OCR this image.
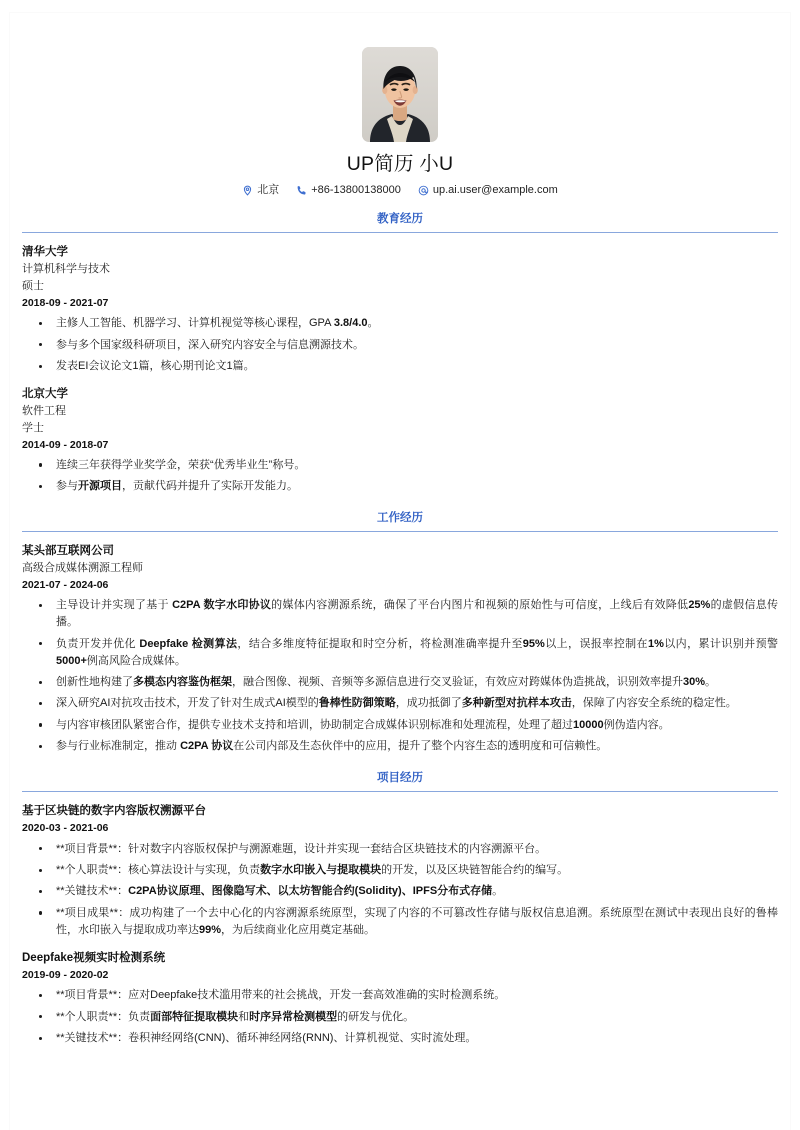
UP简历 小U
北京	+86-13800138000	up.ai.user@example.com
教育经历
清华大学
计算机科学与技术
硕士
2018-09 - 2021-07
主修人工智能、机器学习、计算机视觉等核心课程，GPA 3.8/4.0。
参与多个国家级科研项目，深入研究内容安全与信息溯源技术。
发表EI会议论文1篇，核心期刊论文1篇。
北京大学
软件工程
学士
2014-09 - 2018-07
连续三年获得学业奖学金，荣获“优秀毕业生”称号。
参与开源项目，贡献代码并提升了实际开发能力。
工作经历
某头部互联网公司
高级合成媒体溯源工程师
2021-07 - 2024-06
主导设计并实现了基于 C2PA 数字水印协议的媒体内容溯源系统，确保了平台内图片和视频的原始性与可信度，上线后有效降低25%的虚假信息传播。
负责开发并优化 Deepfake 检测算法，结合多维度特征提取和时空分析，将检测准确率提升至95%以上，误报率控制在1%以内，累计识别并预警5000+例高风险合成媒体。
创新性地构建了多模态内容鉴伪框架，融合图像、视频、音频等多源信息进行交叉验证，有效应对跨媒体伪造挑战，识别效率提升30%。
深入研究AI对抗攻击技术，开发了针对生成式AI模型的鲁棒性防御策略，成功抵御了多种新型对抗样本攻击，保障了内容安全系统的稳定性。
与内容审核团队紧密合作，提供专业技术支持和培训，协助制定合成媒体识别标准和处理流程，处理了超过10000例伪造内容。
参与行业标准制定，推动 C2PA 协议在公司内部及生态伙伴中的应用，提升了整个内容生态的透明度和可信赖性。
项目经历
基于区块链的数字内容版权溯源平台
2020-03 - 2021-06
**项目背景**：针对数字内容版权保护与溯源难题，设计并实现一套结合区块链技术的内容溯源平台。
**个人职责**：核心算法设计与实现，负责数字水印嵌入与提取模块的开发，以及区块链智能合约的编写。
**关键技术**：C2PA协议原理、图像隐写术、以太坊智能合约(Solidity)、IPFS分布式存储。
**项目成果**：成功构建了一个去中心化的内容溯源系统原型，实现了内容的不可篡改性存储与版权信息追溯。系统原型在测试中表现出良好的鲁棒性，水印嵌入与提取成功率达99%，为后续商业化应用奠定基础。
Deepfake视频实时检测系统
2019-09 - 2020-02
**项目背景**：应对Deepfake技术滥用带来的社会挑战，开发一套高效准确的实时检测系统。
**个人职责**：负责面部特征提取模块和时序异常检测模型的研发与优化。
**关键技术**：卷积神经网络(CNN)、循环神经网络(RNN)、计算机视觉、实时流处理。
